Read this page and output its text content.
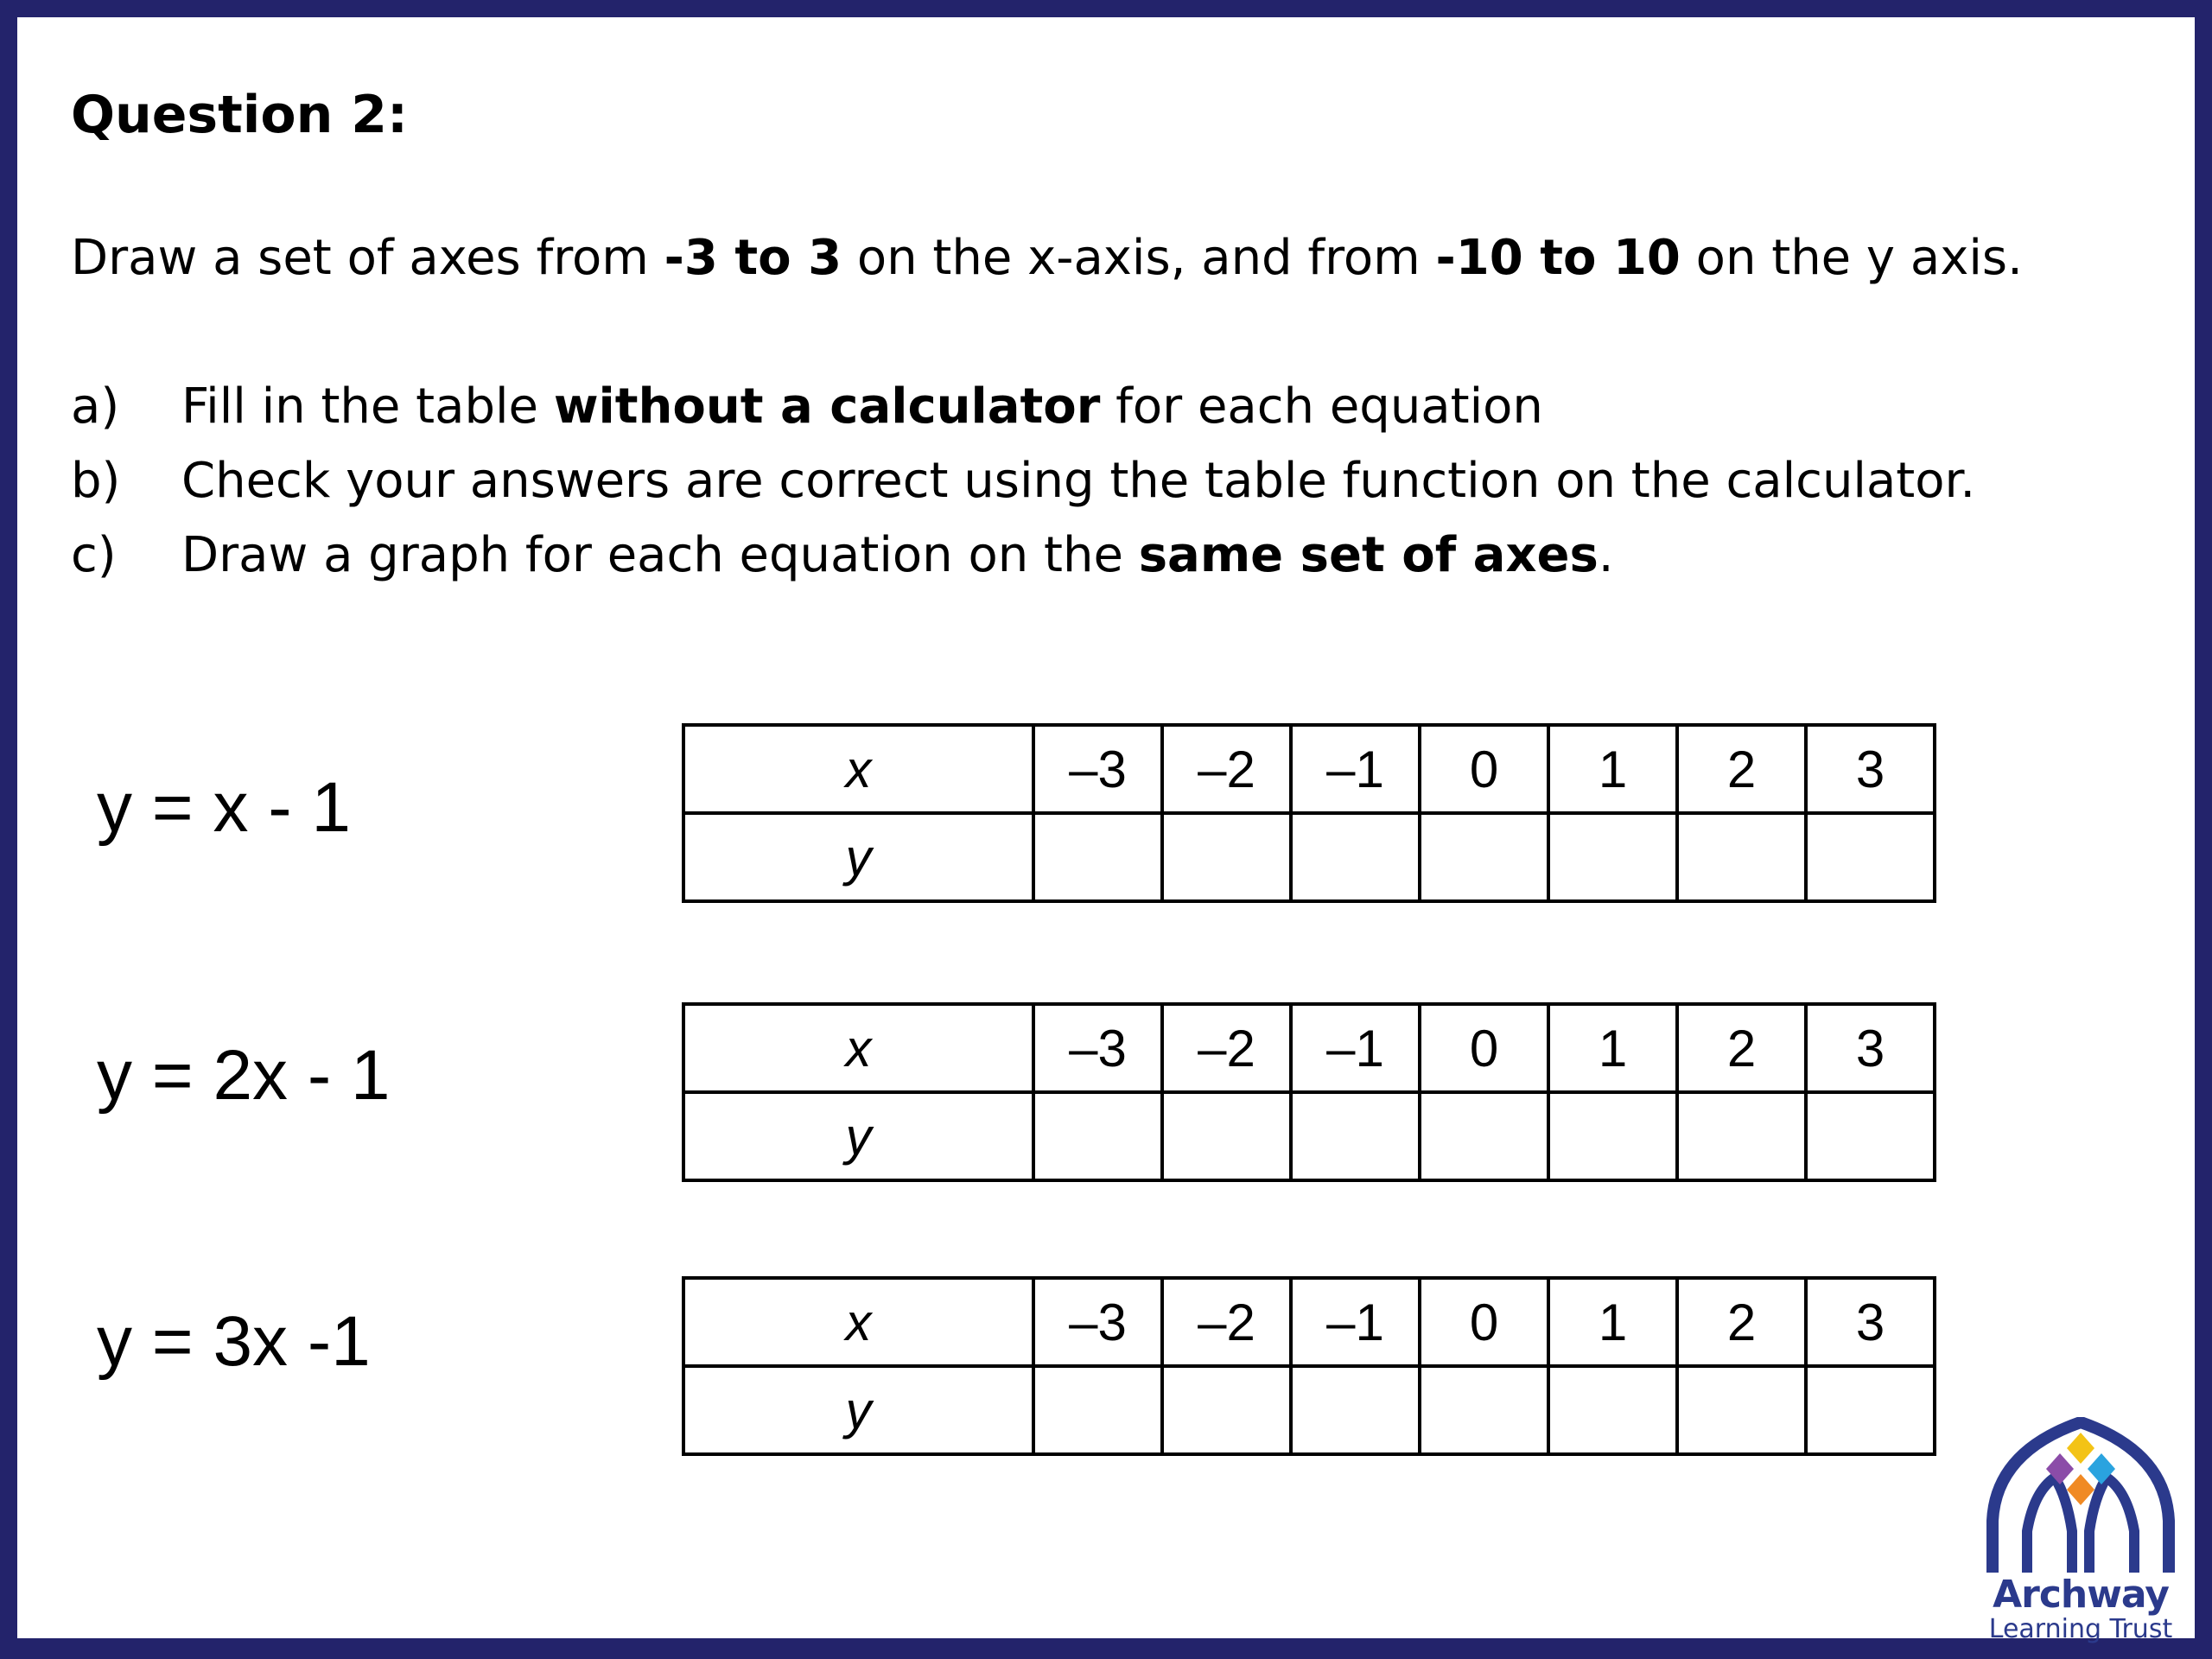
Question 2:
Draw a set of axes from -3 to 3 on the x-axis, and from -10 to 10 on the y axis.
a) Fill in the table without a calculator for each equation
b) Check your answers are correct using the table function on the calculator.
c) Draw a graph for each equation on the same set of axes.
y = x - 1
y = 2x - 1
y = 3x -1
x	–3	–2	–1	0	1	2	3
y							
x	–3	–2	–1	0	1	2	3
y							
x	–3	–2	–1	0	1	2	3
y							
Archway
Learning Trust
